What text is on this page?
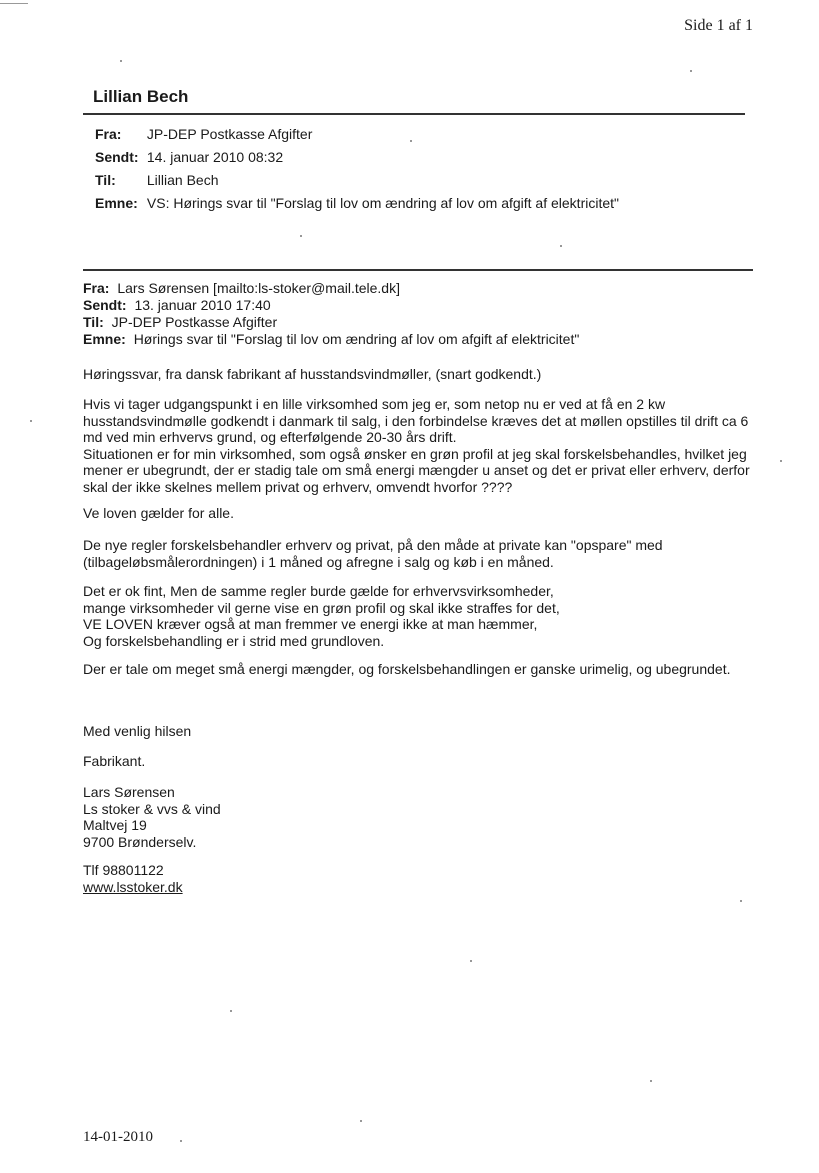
Side 1 af 1
Lillian Bech
Fra: JP-DEP Postkasse Afgifter
Sendt: 14. januar 2010 08:32
Til: Lillian Bech
Emne: VS: Hørings svar til "Forslag til lov om ændring af lov om afgift af elektricitet"
Fra: Lars Sørensen [mailto:ls-stoker@mail.tele.dk]
Sendt: 13. januar 2010 17:40
Til: JP-DEP Postkasse Afgifter
Emne: Hørings svar til "Forslag til lov om ændring af lov om afgift af elektricitet"

Høringssvar, fra dansk fabrikant af husstandsvindmøller, (snart godkendt.)

Hvis vi tager udgangspunkt i en lille virksomhed som jeg er, som netop nu er ved at få en 2 kw

husstandsvindmølle godkendt i danmark til salg, i den forbindelse kræves det at møllen opstilles til drift ca 6

md ved min erhvervs grund, og efterfølgende 20-30 års drift.

Situationen er for min virksomhed, som også ønsker en grøn profil at jeg skal forskelsbehandles, hvilket jeg

mener er ubegrundt, der er stadig tale om små energi mængder u anset og det er privat eller erhverv, derfor

skal der ikke skelnes mellem privat og erhverv, omvendt hvorfor ????

Ve loven gælder for alle.

De nye regler forskelsbehandler erhverv og privat, på den måde at private kan "opspare" med

(tilbageløbsmålerordningen) i 1 måned og afregne i salg og køb i en måned.

Det er ok fint, Men de samme regler burde gælde for erhvervsvirksomheder,

mange virksomheder vil gerne vise en grøn profil og skal ikke straffes for det,

VE LOVEN kræver også at man fremmer ve energi ikke at man hæmmer,

Og forskelsbehandling er i strid med grundloven.

Der er tale om meget små energi mængder, og forskelsbehandlingen er ganske urimelig, og ubegrundet.

Med venlig hilsen
Fabrikant.
Lars Sørensen
Ls stoker & vvs & vind
Maltvej 19
9700 Brønderselv.
Tlf 98801122
www.lsstoker.dk
14-01-2010
